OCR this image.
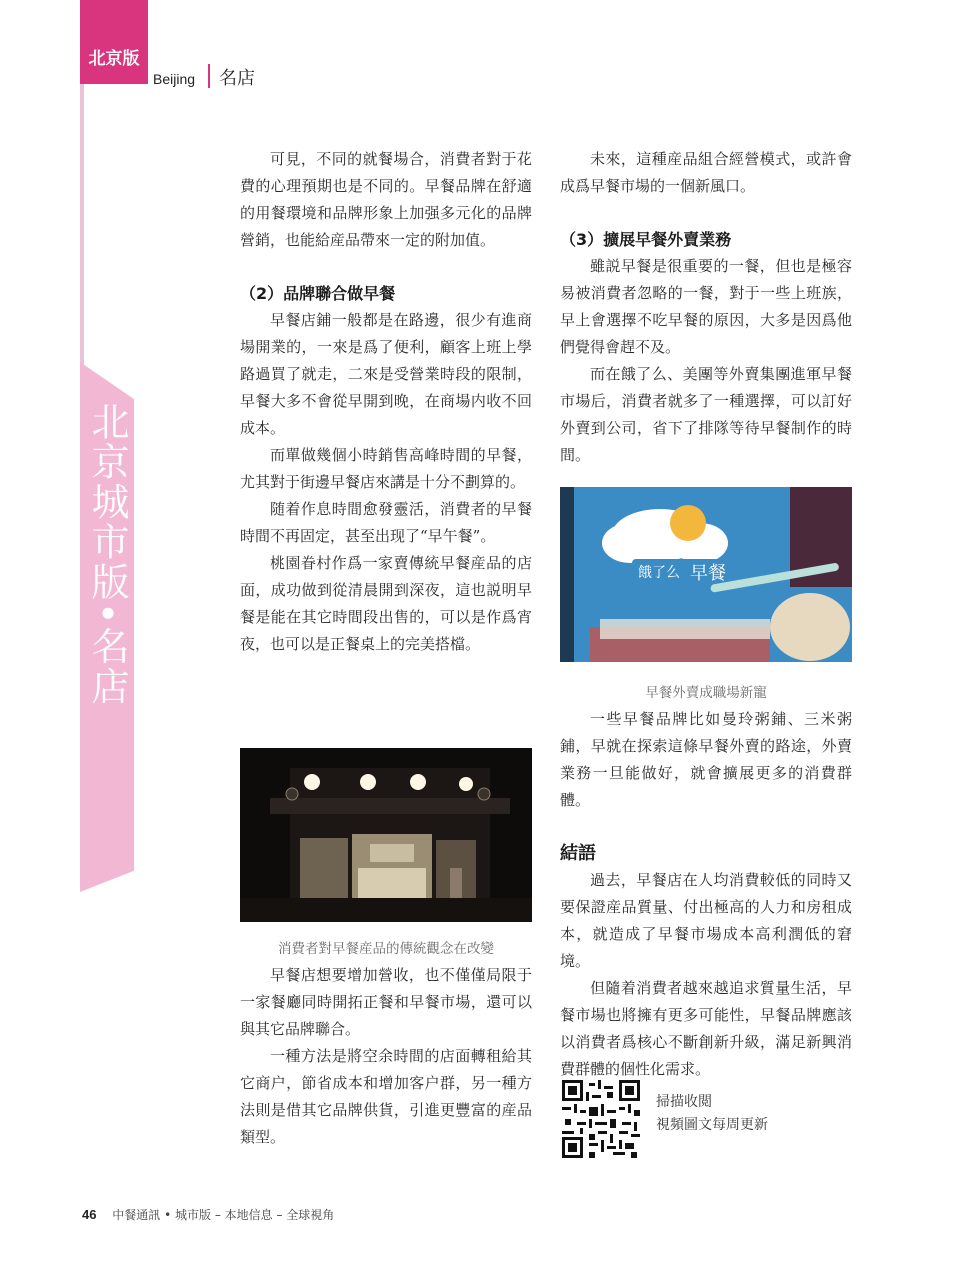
北京版
Beijing 名店
北京城市版•名店

可見，不同的就餐場合，消費者對于花費的心理預期也是不同的。早餐品牌在舒適的用餐環境和品牌形象上加强多元化的品牌營銷，也能給産品帶來一定的附加值。

（2）品牌聯合做早餐

早餐店鋪一般都是在路邊，很少有進商場開業的，一來是爲了便利，顧客上班上學路過買了就走，二來是受營業時段的限制，早餐大多不會從早開到晚，在商場内收不回成本。

而單做幾個小時銷售高峰時間的早餐，尤其對于街邊早餐店來講是十分不劃算的。

随着作息時間愈發靈活，消費者的早餐時間不再固定，甚至出现了“早午餐”。

桃園眷村作爲一家賣傳統早餐産品的店面，成功做到從清晨開到深夜，這也説明早餐是能在其它時間段出售的，可以是作爲宵夜，也可以是正餐桌上的完美搭檔。

消費者對早餐産品的傳統觀念在改變

早餐店想要增加營收，也不僅僅局限于一家餐廳同時開拓正餐和早餐市場，還可以與其它品牌聯合。

一種方法是將空余時間的店面轉租給其它商户，節省成本和增加客户群，另一種方法則是借其它品牌供貨，引進更豐富的産品類型。

未來，這種産品組合經營模式，或許會成爲早餐市場的一個新風口。

（3）擴展早餐外賣業務

雖説早餐是很重要的一餐，但也是極容易被消費者忽略的一餐，對于一些上班族，早上會選擇不吃早餐的原因，大多是因爲他們覺得會趕不及。

而在餓了么、美團等外賣集團進軍早餐市場后，消費者就多了一種選擇，可以訂好外賣到公司，省下了排隊等待早餐制作的時間。

餓了么 早餐
早餐外賣成職場新寵

一些早餐品牌比如曼玲粥鋪、三米粥鋪，早就在探索這條早餐外賣的路途，外賣業務一旦能做好，就會擴展更多的消費群體。

結語

過去，早餐店在人均消費較低的同時又要保證産品質量、付出極高的人力和房租成本，就造成了早餐市場成本高利潤低的窘境。

但隨着消費者越來越追求質量生活，早餐市場也將擁有更多可能性，早餐品牌應該以消費者爲核心不斷創新升級，滿足新興消費群體的個性化需求。

掃描收閲
視頻圖文每周更新
46 中餐通訊 • 城市版 – 本地信息 – 全球視角
